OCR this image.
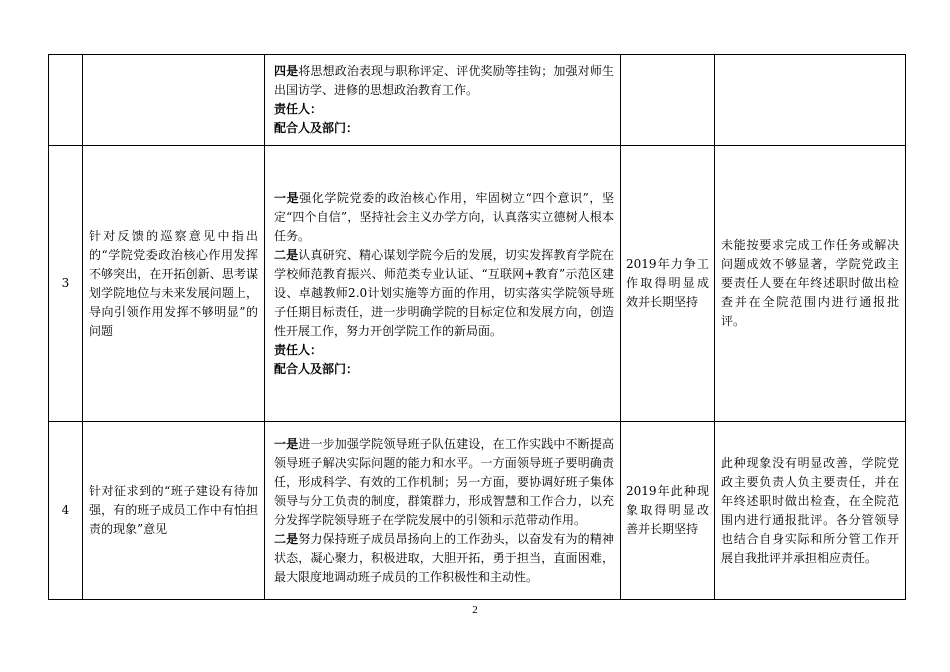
		四是将思想政治表现与职称评定、评优奖励等挂钩；加强对师生出国访学、进修的思想政治教育工作。
责任人：
配合人及部门：		

3	针对反馈的巡察意见中指出的“学院党委政治核心作用发挥不够突出，在开拓创新、思考谋划学院地位与未来发展问题上，导向引领作用发挥不够明显”的问题	一是强化学院党委的政治核心作用，牢固树立“四个意识”，坚定“四个自信”，坚持社会主义办学方向，认真落实立德树人根本任务。
二是认真研究、精心谋划学院今后的发展，切实发挥教育学院在学校师范教育振兴、师范类专业认证、“互联网+教育”示范区建设、卓越教师2.0计划实施等方面的作用，切实落实学院领导班子任期目标责任，进一步明确学院的目标定位和发展方向，创造性开展工作，努力开创学院工作的新局面。
责任人：
配合人及部门：	2019年力争工作取得明显成效并长期坚持	未能按要求完成工作任务或解决问题成效不够显著，学院党政主要责任人要在年终述职时做出检查并在全院范围内进行通报批评。
4	针对征求到的“班子建设有待加强，有的班子成员工作中有怕担责的现象”意见	一是进一步加强学院领导班子队伍建设，在工作实践中不断提高领导班子解决实际问题的能力和水平。一方面领导班子要明确责任，形成科学、有效的工作机制；另一方面，要协调好班子集体领导与分工负责的制度，群策群力，形成智慧和工作合力，以充分发挥学院领导班子在学院发展中的引领和示范带动作用。
二是努力保持班子成员昂扬向上的工作劲头，以奋发有为的精神状态，凝心聚力，积极进取，大胆开拓，勇于担当，直面困难，最大限度地调动班子成员的工作积极性和主动性。	2019年此种现象取得明显改善并长期坚持	此种现象没有明显改善，学院党政主要负责人负主要责任，并在年终述职时做出检查，在全院范围内进行通报批评。各分管领导也结合自身实际和所分管工作开展自我批评并承担相应责任。
2
